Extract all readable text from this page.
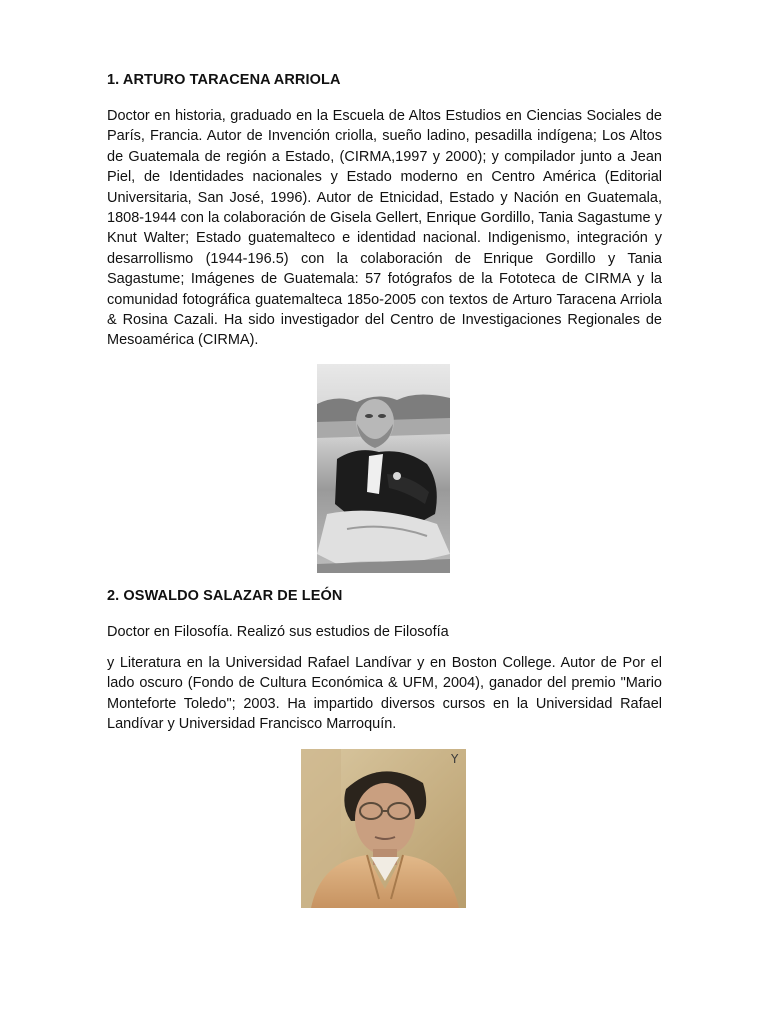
1. ARTURO TARACENA ARRIOLA

Doctor en historia, graduado en la Escuela de Altos Estudios en Ciencias Sociales de París, Francia. Autor de Invención criolla, sueño ladino, pesadilla indígena; Los Altos de Guatemala de región a Estado, (CIRMA,1997 y 2000); y compilador junto a Jean Piel, de Identidades nacionales y Estado moderno en Centro América (Editorial Universitaria, San José, 1996). Autor de Etnicidad, Estado y Nación en Guatemala, 1808-1944 con la colaboración de Gisela Gellert, Enrique Gordillo, Tania Sagastume y Knut Walter; Estado guatemalteco e identidad nacional. Indigenismo, integración y desarrollismo (1944-196.5) con la colaboración de Enrique Gordillo y Tania Sagastume; Imágenes de Guatemala: 57 fotógrafos de la Fototeca de CIRMA y la comunidad fotográfica guatemalteca 185o-2005 con textos de Arturo Taracena Arriola & Rosina Cazali. Ha sido investigador del Centro de Investigaciones Regionales de Mesoamérica (CIRMA).

2. OSWALDO SALAZAR DE LEÓN

Doctor en Filosofía. Realizó sus estudios de Filosofía

y Literatura en la Universidad Rafael Landívar y en Boston College. Autor de Por el lado oscuro (Fondo de Cultura Económica & UFM, 2004), ganador del premio "Mario Monteforte Toledo"; 2003. Ha impartido diversos cursos en la Universidad Rafael Landívar y Universidad Francisco Marroquín.

Y
